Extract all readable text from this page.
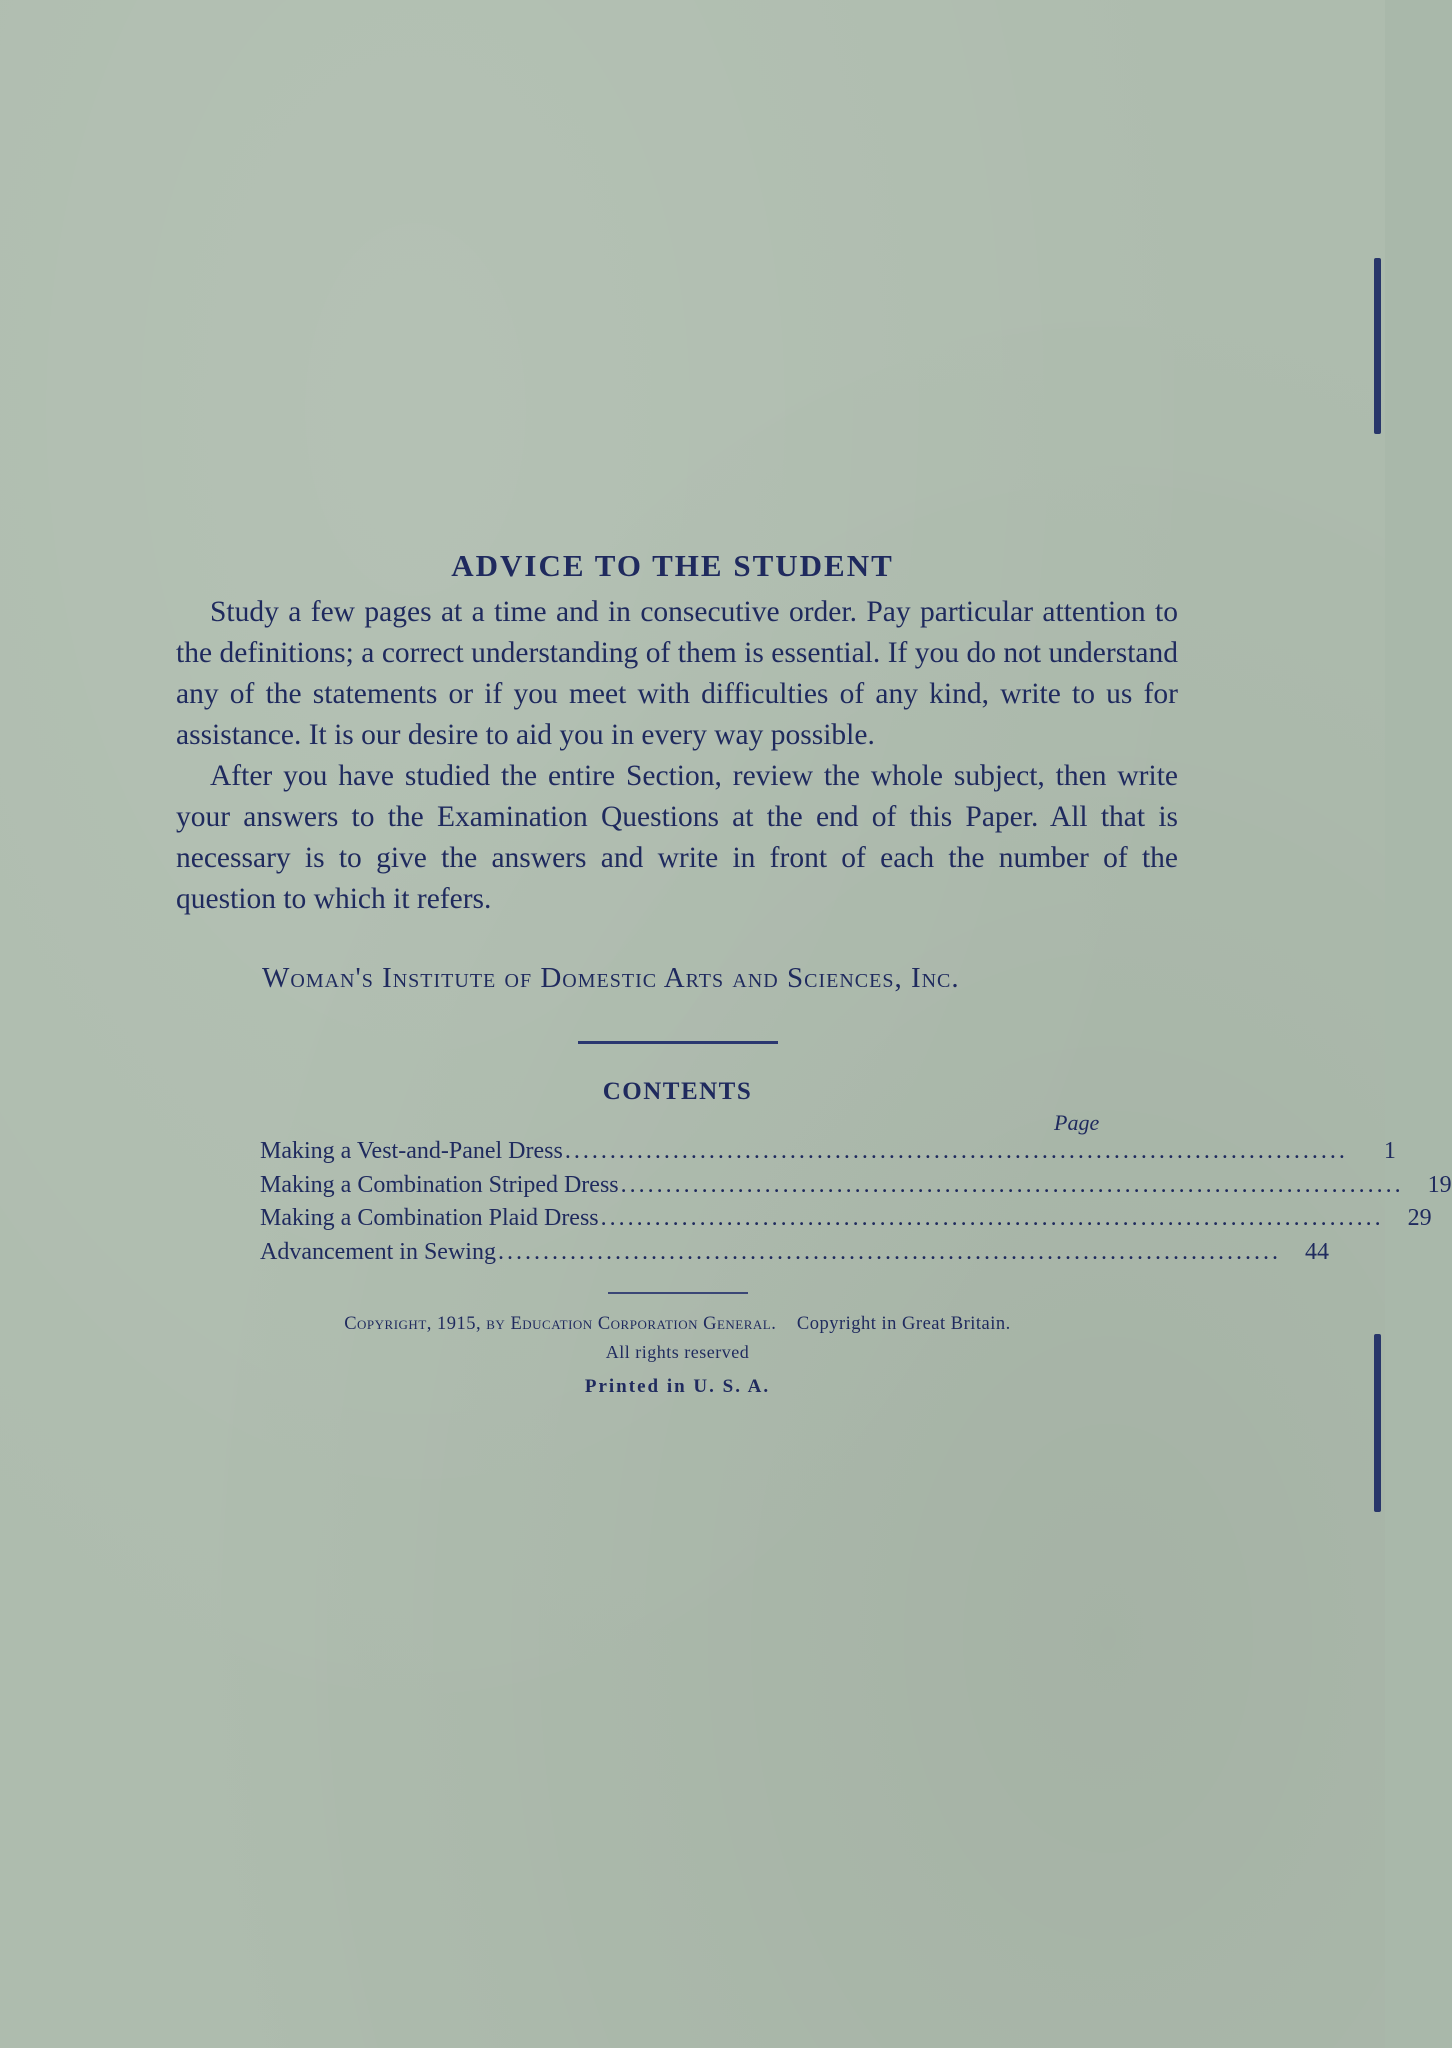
ADVICE TO THE STUDENT

Study a few pages at a time and in consecutive order. Pay particular attention to the definitions; a correct understanding of them is essential. If you do not understand any of the statements or if you meet with difficulties of any kind, write to us for assistance. It is our desire to aid you in every way possible.

After you have studied the entire Section, review the whole subject, then write your answers to the Examination Questions at the end of this Paper. All that is necessary is to give the answers and write in front of each the number of the question to which it refers.

Woman's Institute of Domestic Arts and Sciences, Inc.
CONTENTS
Page
Making a Vest-and-Panel Dress .......................................................................................	1
Making a Combination Striped Dress .......................................................................................	19
Making a Combination Plaid Dress .......................................................................................	29
Advancement in Sewing .......................................................................................	44
Copyright, 1915, by Education Corporation General. Copyright in Great Britain.
All rights reserved
Printed in U. S. A.
